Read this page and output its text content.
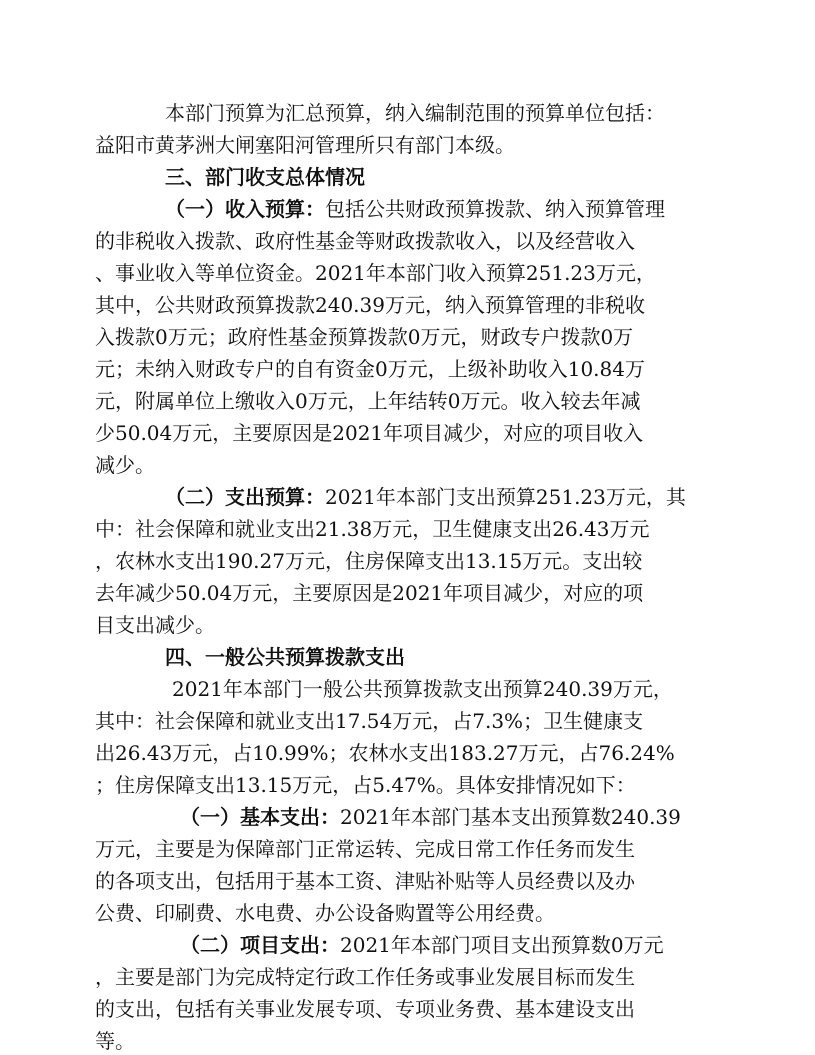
本部门预算为汇总预算，纳入编制范围的预算单位包括：
益阳市黄茅洲大闸塞阳河管理所只有部门本级。
三、部门收支总体情况
（一）收入预算：包括公共财政预算拨款、纳入预算管理
的非税收入拨款、政府性基金等财政拨款收入，以及经营收入
、事业收入等单位资金。2021年本部门收入预算251.23万元，
其中，公共财政预算拨款240.39万元，纳入预算管理的非税收
入拨款0万元；政府性基金预算拨款0万元，财政专户拨款0万
元；未纳入财政专户的自有资金0万元，上级补助收入10.84万
元，附属单位上缴收入0万元，上年结转0万元。收入较去年减
少50.04万元，主要原因是2021年项目减少，对应的项目收入
减少。
（二）支出预算：2021年本部门支出预算251.23万元，其
中：社会保障和就业支出21.38万元，卫生健康支出26.43万元
，农林水支出190.27万元，住房保障支出13.15万元。支出较
去年减少50.04万元，主要原因是2021年项目减少，对应的项
目支出减少。
四、一般公共预算拨款支出
2021年本部门一般公共预算拨款支出预算240.39万元，
其中：社会保障和就业支出17.54万元，占7.3%；卫生健康支
出26.43万元，占10.99%；农林水支出183.27万元，占76.24%
；住房保障支出13.15万元，占5.47%。具体安排情况如下：
（一）基本支出：2021年本部门基本支出预算数240.39
万元，主要是为保障部门正常运转、完成日常工作任务而发生
的各项支出，包括用于基本工资、津贴补贴等人员经费以及办
公费、印刷费、水电费、办公设备购置等公用经费。
（二）项目支出：2021年本部门项目支出预算数0万元
，主要是部门为完成特定行政工作任务或事业发展目标而发生
的支出，包括有关事业发展专项、专项业务费、基本建设支出
等。
